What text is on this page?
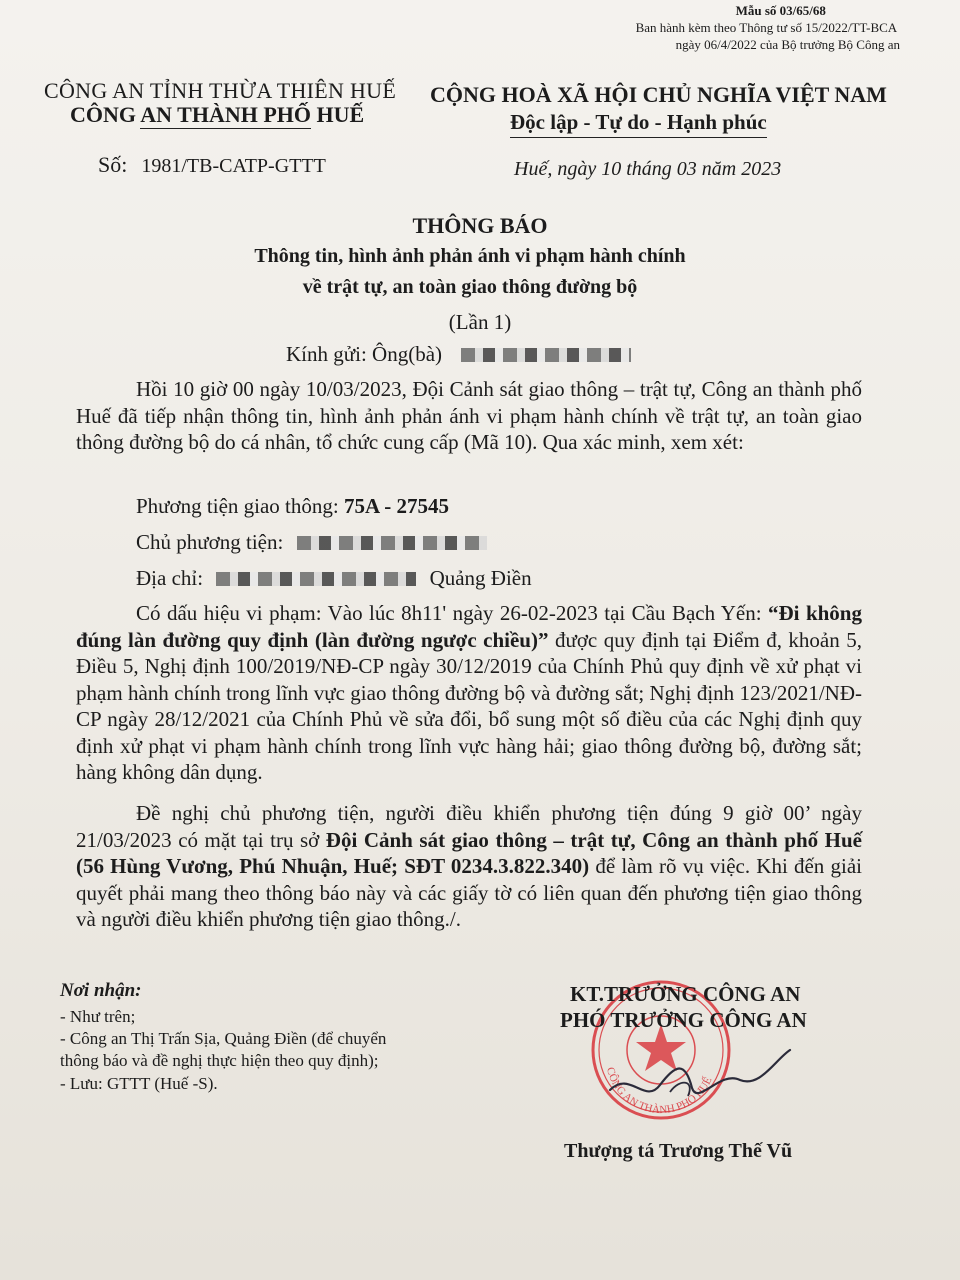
Mẫu số 03/65/68
Ban hành kèm theo Thông tư số 15/2022/TT-BCA
ngày 06/4/2022 của Bộ trưởng Bộ Công an
CÔNG AN TỈNH THỪA THIÊN HUẾ
CÔNG AN THÀNH PHỐ HUẾ
CỘNG HOÀ XÃ HỘI CHỦ NGHĨA VIỆT NAM
Độc lập - Tự do - Hạnh phúc
Số: 1981/TB-CATP-GTTT	Huế, ngày 10 tháng 03 năm 2023
THÔNG BÁO
Thông tin, hình ảnh phản ánh vi phạm hành chính
về trật tự, an toàn giao thông đường bộ
(Lần 1)
Kính gửi: Ông(bà)
Hồi 10 giờ 00 ngày 10/03/2023, Đội Cảnh sát giao thông – trật tự, Công an thành phố Huế đã tiếp nhận thông tin, hình ảnh phản ánh vi phạm hành chính về trật tự, an toàn giao thông đường bộ do cá nhân, tổ chức cung cấp (Mã 10). Qua xác minh, xem xét:
Phương tiện giao thông: 75A - 27545
Chủ phương tiện:
Địa chỉ:	Quảng Điền
Có dấu hiệu vi phạm: Vào lúc 8h11' ngày 26-02-2023 tại Cầu Bạch Yến: “Đi không đúng làn đường quy định (làn đường ngược chiều)” được quy định tại Điểm đ, khoản 5, Điều 5, Nghị định 100/2019/NĐ-CP ngày 30/12/2019 của Chính Phủ quy định về xử phạt vi phạm hành chính trong lĩnh vực giao thông đường bộ và đường sắt; Nghị định 123/2021/NĐ-CP ngày 28/12/2021 của Chính Phủ về sửa đổi, bổ sung một số điều của các Nghị định quy định xử phạt vi phạm hành chính trong lĩnh vực hàng hải; giao thông đường bộ, đường sắt; hàng không dân dụng.
Đề nghị chủ phương tiện, người điều khiển phương tiện đúng 9 giờ 00’ ngày 21/03/2023 có mặt tại trụ sở Đội Cảnh sát giao thông – trật tự, Công an thành phố Huế (56 Hùng Vương, Phú Nhuận, Huế; SĐT 0234.3.822.340) để làm rõ vụ việc. Khi đến giải quyết phải mang theo thông báo này và các giấy tờ có liên quan đến phương tiện giao thông và người điều khiển phương tiện giao thông./.
Nơi nhận:
- Như trên;
- Công an Thị Trấn Sịa, Quảng Điền (để chuyển
thông báo và đề nghị thực hiện theo quy định);
- Lưu: GTTT (Huế -S).
CÔNG AN THÀNH PHỐ HUẾ
KT.TRƯỞNG CÔNG AN
PHÓ TRƯỞNG CÔNG AN
Thượng tá Trương Thế Vũ
